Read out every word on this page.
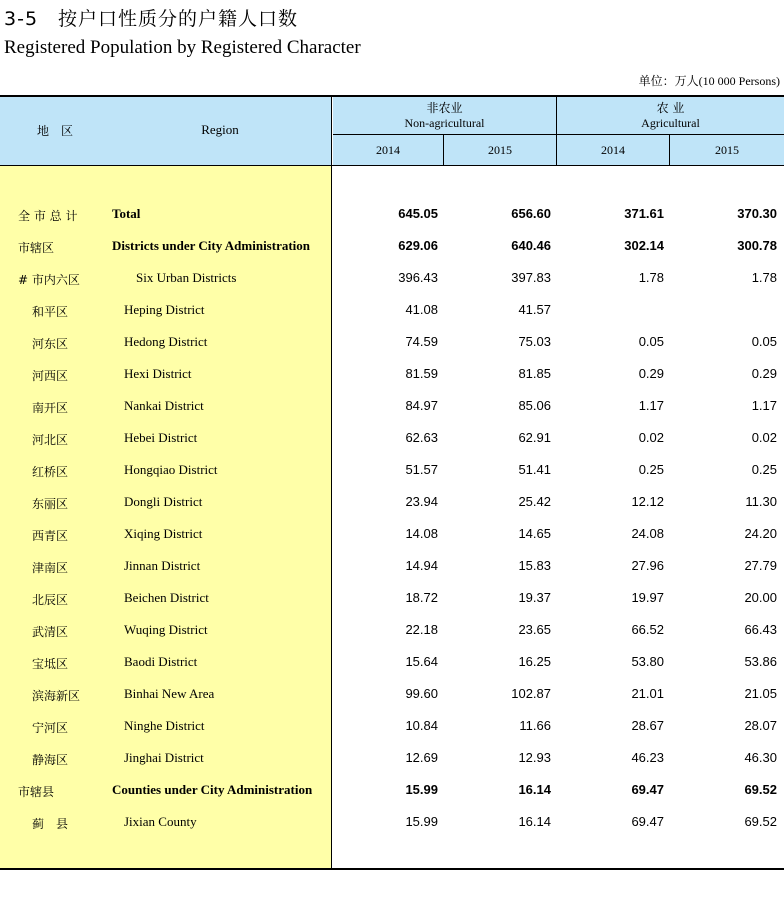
3-5　按户口性质分的户籍人口数
Registered Population by Registered Character
单位：万人(10 000 Persons)
地　区	Region
非农业
Non-agricultural
农 业
Agricultural
2014	2015	2014	2015
全 市 总 计	Total	645.05	656.60	371.61	370.30
市辖区	Districts under City Administration	629.06	640.46	302.14	300.78
# 市内六区	Six Urban Districts	396.43	397.83	1.78	1.78
和平区	Heping District	41.08	41.57
河东区	Hedong District	74.59	75.03	0.05	0.05
河西区	Hexi District	81.59	81.85	0.29	0.29
南开区	Nankai District	84.97	85.06	1.17	1.17
河北区	Hebei District	62.63	62.91	0.02	0.02
红桥区	Hongqiao District	51.57	51.41	0.25	0.25
东丽区	Dongli District	23.94	25.42	12.12	11.30
西青区	Xiqing District	14.08	14.65	24.08	24.20
津南区	Jinnan District	14.94	15.83	27.96	27.79
北辰区	Beichen District	18.72	19.37	19.97	20.00
武清区	Wuqing District	22.18	23.65	66.52	66.43
宝坻区	Baodi District	15.64	16.25	53.80	53.86
滨海新区	Binhai New Area	99.60	102.87	21.01	21.05
宁河区	Ninghe District	10.84	11.66	28.67	28.07
静海区	Jinghai District	12.69	12.93	46.23	46.30
市辖县	Counties under City Administration	15.99	16.14	69.47	69.52
蓟　县	Jixian County	15.99	16.14	69.47	69.52
